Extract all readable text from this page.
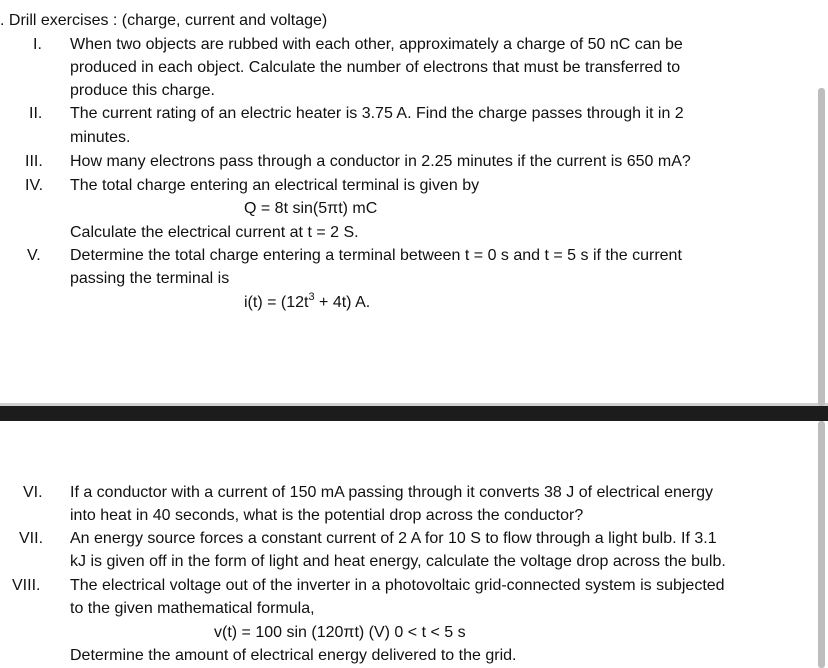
. Drill exercises : (charge, current and voltage)
I. When two objects are rubbed with each other, approximately a charge of 50 nC can be
produced in each object. Calculate the number of electrons that must be transferred to
produce this charge.
II. The current rating of an electric heater is 3.75 A. Find the charge passes through it in 2
minutes.
III. How many electrons pass through a conductor in 2.25 minutes if the current is 650 mA?
IV. The total charge entering an electrical terminal is given by
Q = 8t sin(5πt) mC
Calculate the electrical current at t = 2 S.
V. Determine the total charge entering a terminal between t = 0 s and t = 5 s if the current
passing the terminal is
$i(t) = (12t^3 + 4t)$ A.
VI. If a conductor with a current of 150 mA passing through it converts 38 J of electrical energy
into heat in 40 seconds, what is the potential drop across the conductor?
VII. An energy source forces a constant current of 2 A for 10 S to flow through a light bulb. If 3.1
kJ is given off in the form of light and heat energy, calculate the voltage drop across the bulb.
VIII. The electrical voltage out of the inverter in a photovoltaic grid-connected system is subjected
to the given mathematical formula,
v(t) = 100 sin (120πt) (V) 0 < t < 5 s
Determine the amount of electrical energy delivered to the grid.
